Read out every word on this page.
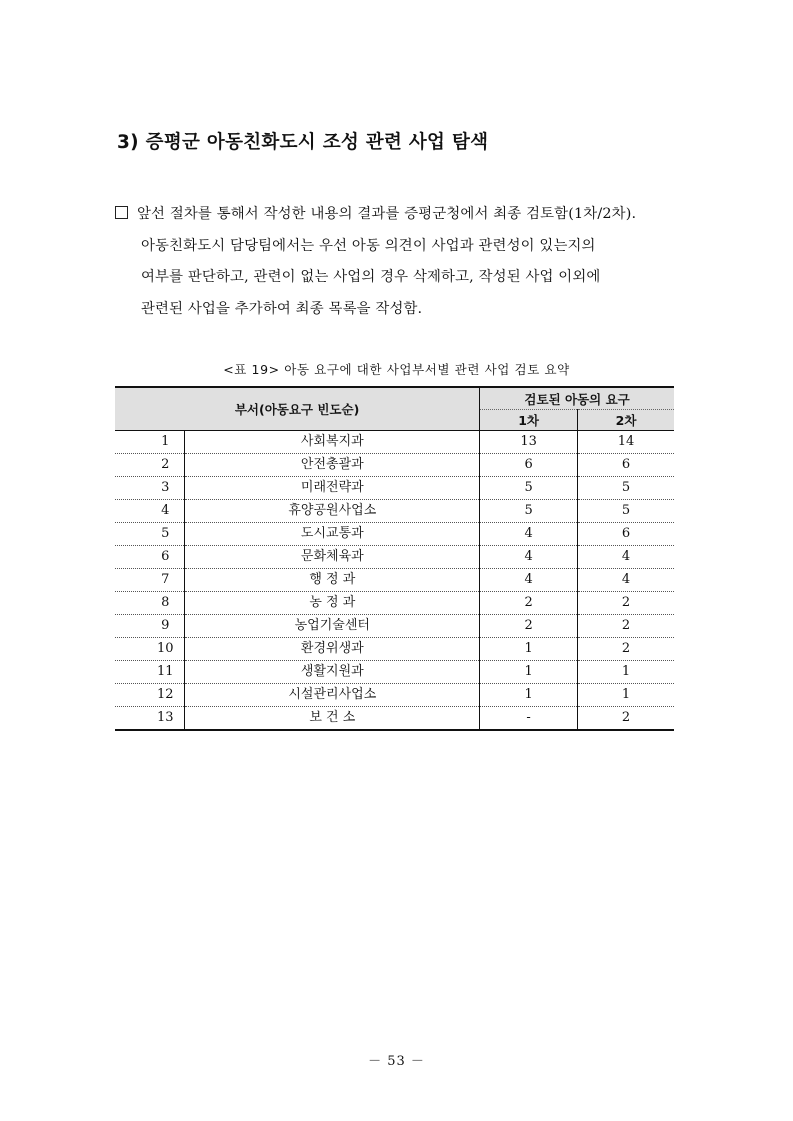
3) 증평군 아동친화도시 조성 관련 사업 탐색
앞선 절차를 통해서 작성한 내용의 결과를 증평군청에서 최종 검토함(1차/2차).
아동친화도시 담당팀에서는 우선 아동 의견이 사업과 관련성이 있는지의
여부를 판단하고, 관련이 없는 사업의 경우 삭제하고, 작성된 사업 이외에
관련된 사업을 추가하여 최종 목록을 작성함.
<표 19> 아동 요구에 대한 사업부서별 관련 사업 검토 요약
부서(아동요구 빈도순)		검토된 아동의 요구	
		1차	2차
1	사회복지과	13	14
2	안전총괄과	6	6
3	미래전략과	5	5
4	휴양공원사업소	5	5
5	도시교통과	4	6
6	문화체육과	4	4
7	행 정 과	4	4
8	농 정 과	2	2
9	농업기술센터	2	2
10	환경위생과	1	2
11	생활지원과	1	1
12	시설관리사업소	1	1
13	보 건 소	-	2
－ 53 －
